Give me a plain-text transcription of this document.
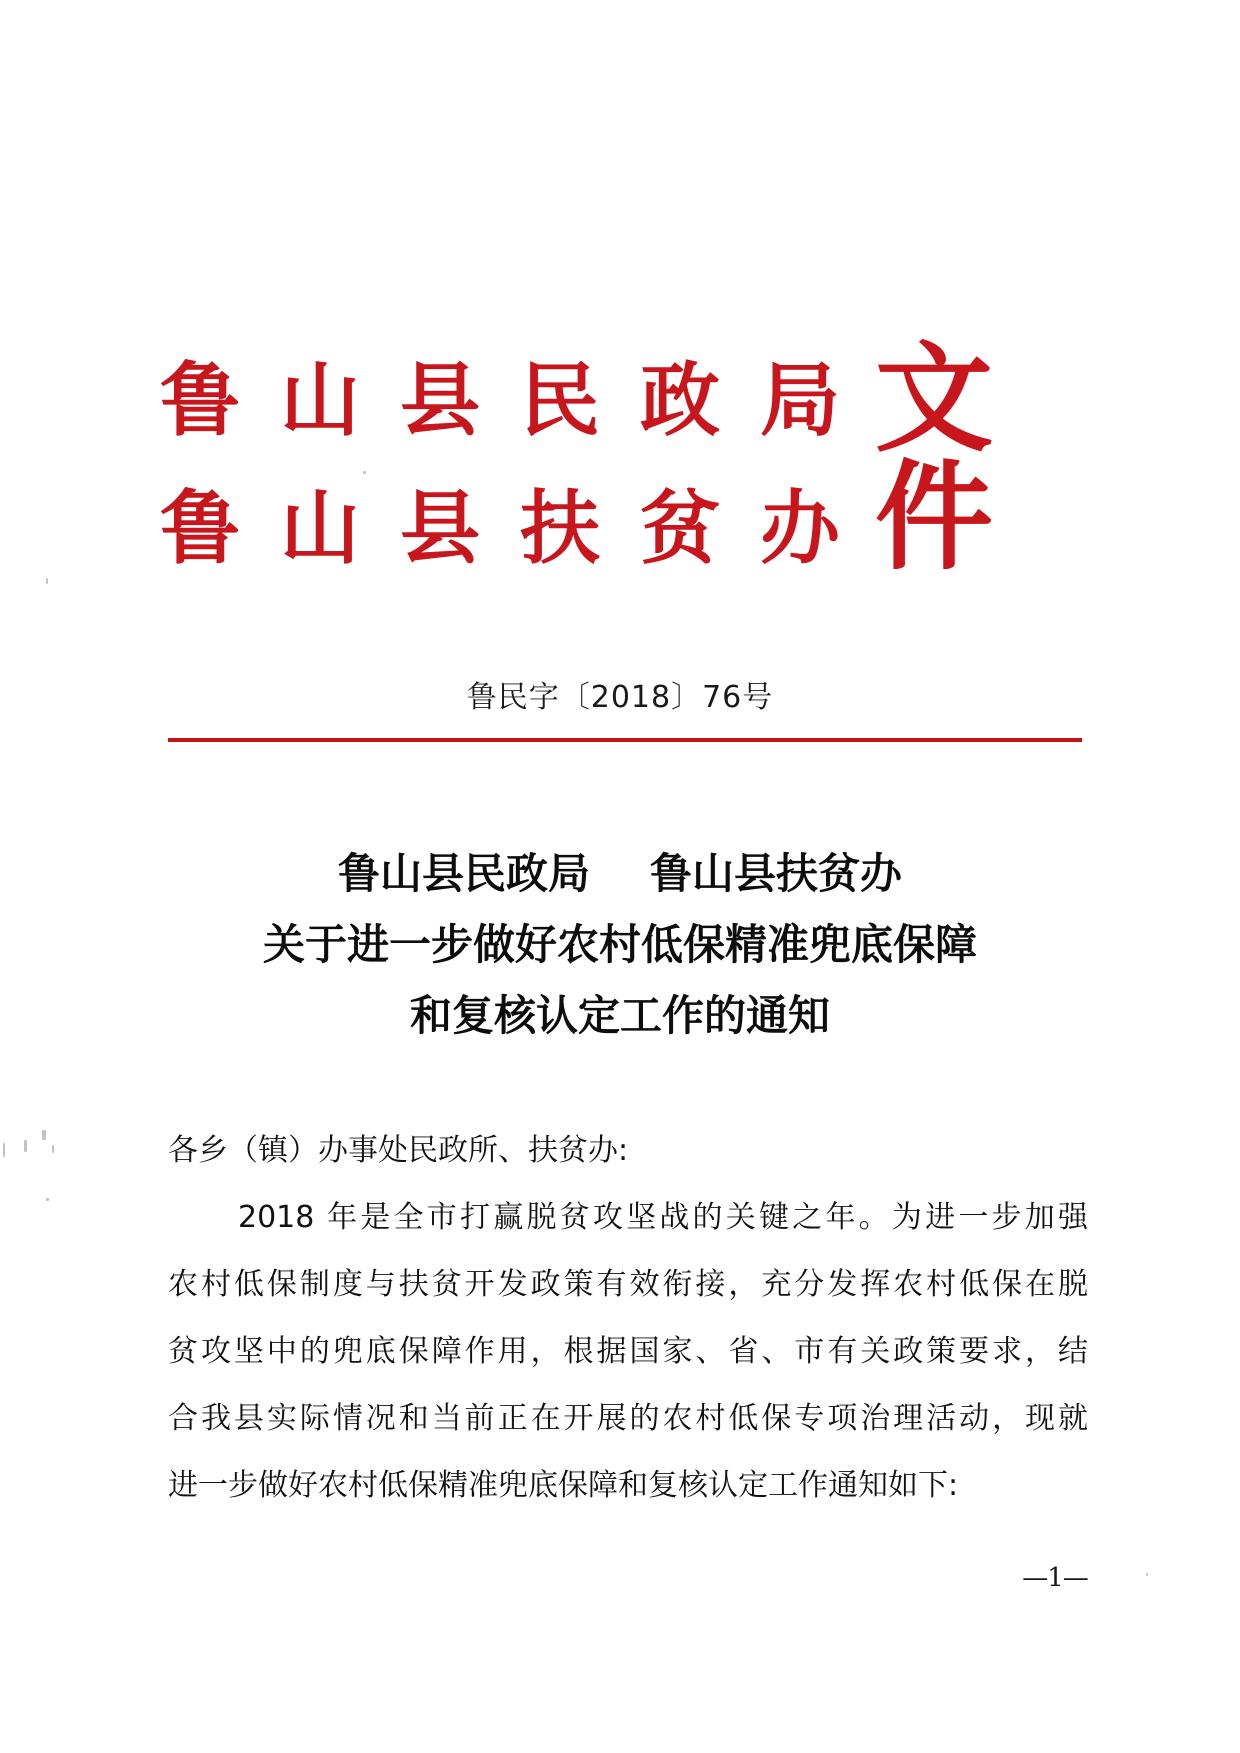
鲁 山 县 民 政 局
鲁 山 县 扶 贫 办
文件
鲁民字〔2018〕76号
鲁山县民政局 鲁山县扶贫办
关于进一步做好农村低保精准兜底保障
和复核认定工作的通知
各乡（镇）办事处民政所、扶贫办:
2018 年是全市打赢脱贫攻坚战的关键之年。为进一步加强
农村低保制度与扶贫开发政策有效衔接，充分发挥农村低保在脱
贫攻坚中的兜底保障作用，根据国家、省、市有关政策要求，结
合我县实际情况和当前正在开展的农村低保专项治理活动，现就
进一步做好农村低保精准兜底保障和复核认定工作通知如下:
—1—
